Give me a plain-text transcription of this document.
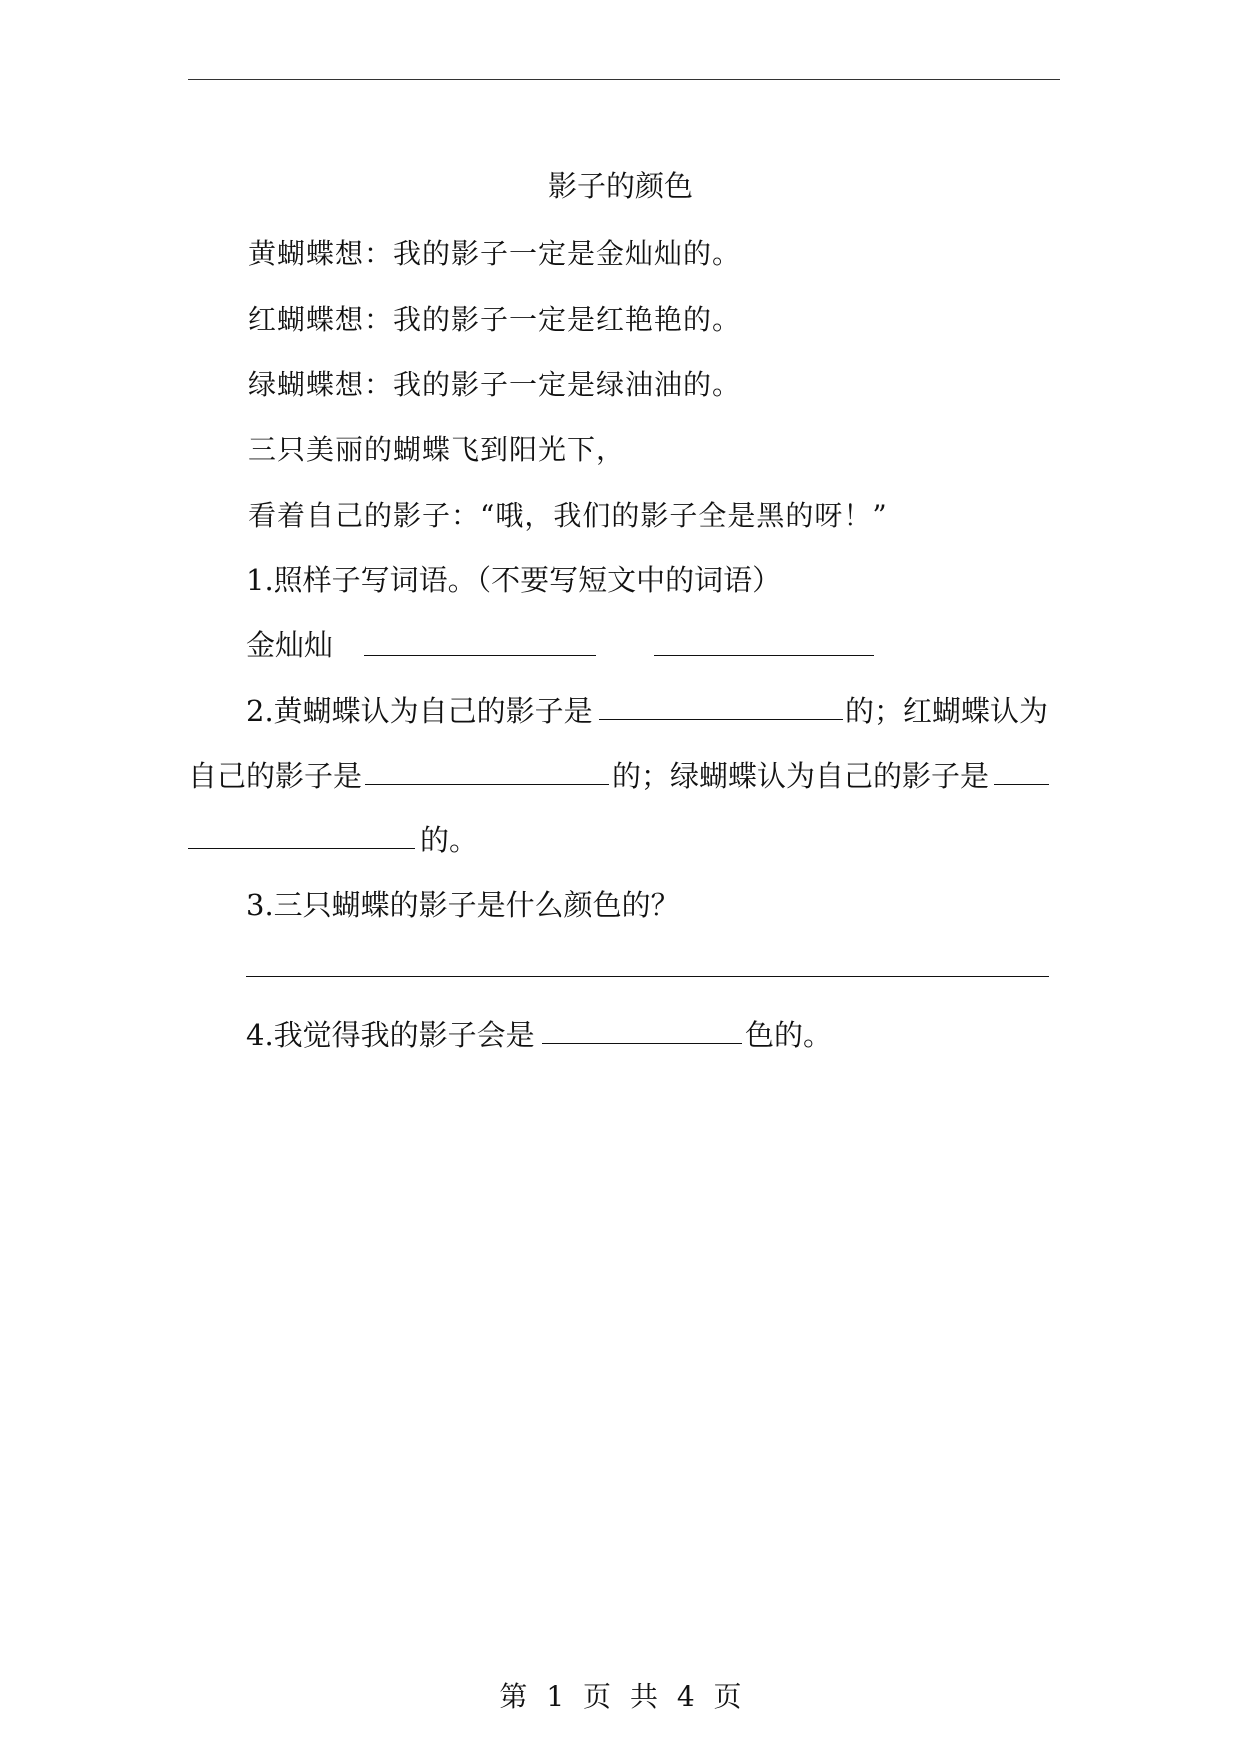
影子的颜色
黄蝴蝶想：我的影子一定是金灿灿的。
红蝴蝶想：我的影子一定是红艳艳的。
绿蝴蝶想：我的影子一定是绿油油的。
三只美丽的蝴蝶飞到阳光下，
看着自己的影子：“哦，我们的影子全是黑的呀！”
1.照样子写词语。（不要写短文中的词语）
金灿灿
2.黄蝴蝶认为自己的影子是	的；红蝴蝶认为
自己的影子是	的；绿蝴蝶认为自己的影子是
的。
3.三只蝴蝶的影子是什么颜色的？
4.我觉得我的影子会是	色的。
第 1 页 共 4 页
